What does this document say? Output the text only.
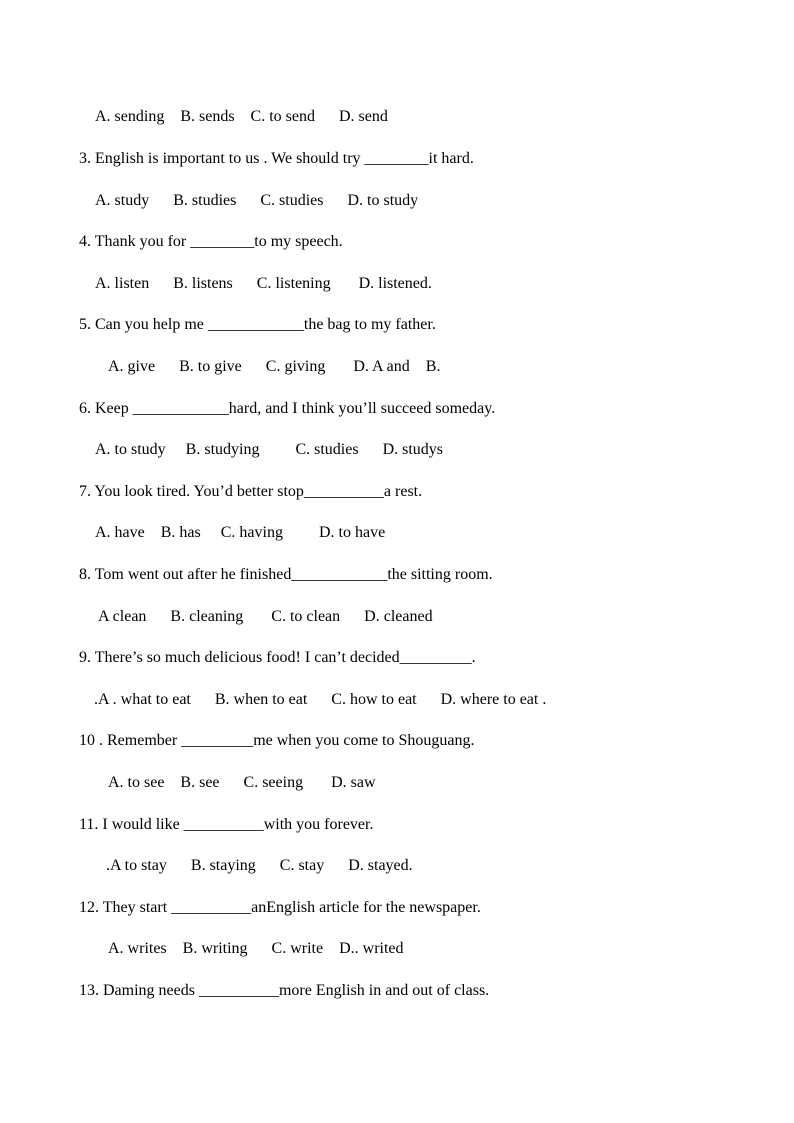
A. sending    B. sends    C. to send      D. send
3. English is important to us . We should try ________it hard.
A. study      B. studies      C. studies      D. to study
4. Thank you for ________to my speech.
A. listen      B. listens      C. listening       D. listened.
5. Can you help me ____________the bag to my father.
A. give      B. to give      C. giving       D. A and    B.
6. Keep ____________hard, and I think you’ll succeed someday.
A. to study     B. studying         C. studies      D. studys
7. You look tired. You’d better stop__________a rest.
A. have    B. has     C. having         D. to have
8. Tom went out after he finished____________the sitting room.
A clean      B. cleaning       C. to clean      D. cleaned
9. There’s so much delicious food! I can’t decided_________.
.A . what to eat      B. when to eat      C. how to eat      D. where to eat .
10 . Remember _________me when you come to Shouguang.
A. to see    B. see      C. seeing       D. saw
11. I would like __________with you forever.
.A to stay      B. staying      C. stay      D. stayed.
12. They start __________anEnglish article for the newspaper.
A. writes    B. writing      C. write    D.. writed
13. Daming needs __________more English in and out of class.
